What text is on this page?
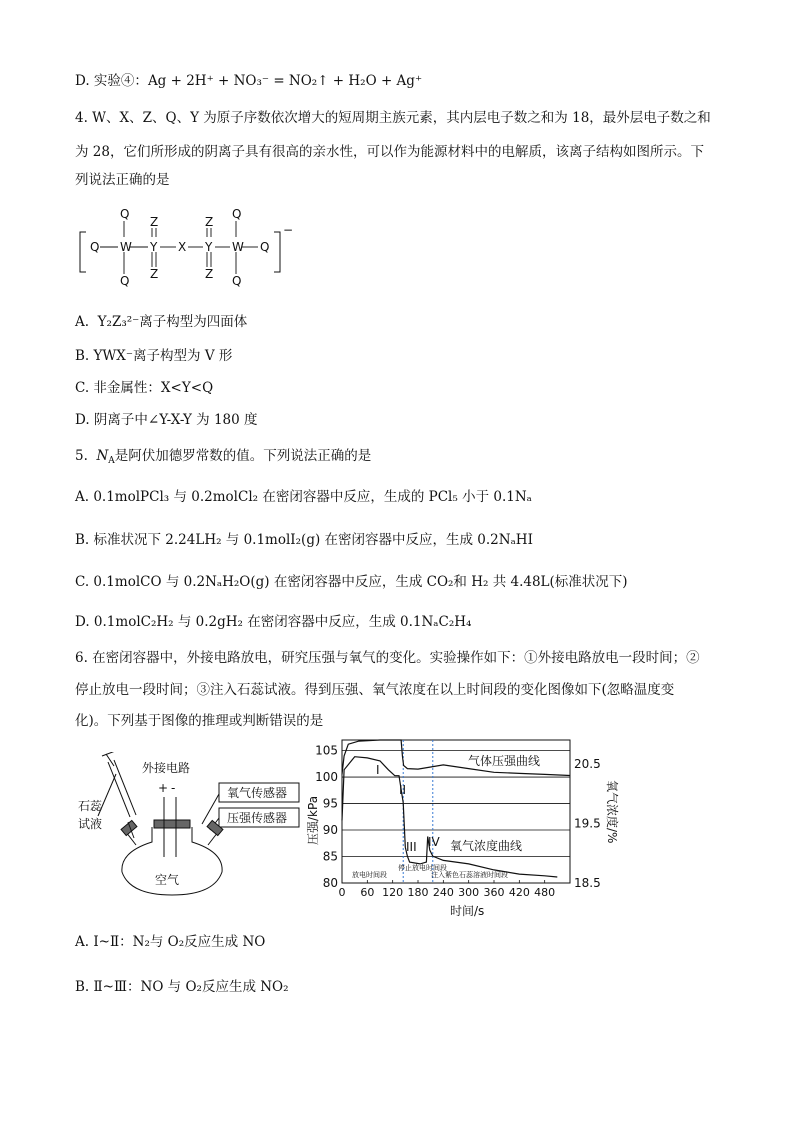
D. 实验④：Ag + 2H⁺ + NO₃⁻ = NO₂↑ + H₂O + Ag⁺
4. W、X、Z、Q、Y 为原子序数依次增大的短周期主族元素，其内层电子数之和为 18，最外层电子数之和
为 28，它们所形成的阴离子具有很高的亲水性，可以作为能源材料中的电解质，该离子结构如图所示。下
列说法正确的是
−
Q W Y X Y W Q
Q
Q
Q
Q
Z
Z
Z
Z
A. Y₂Z₃²⁻离子构型为四面体
B. YWX⁻离子构型为 V 形
C. 非金属性：X<Y<Q
D. 阴离子中∠Y-X-Y 为 180 度
5. $N_A$是阿伏加德罗常数的值。下列说法正确的是
A. 0.1molPCl₃ 与 0.2molCl₂ 在密闭容器中反应，生成的 PCl₅ 小于 0.1Nₐ
B. 标准状况下 2.24LH₂ 与 0.1molI₂(g) 在密闭容器中反应，生成 0.2NₐHI
C. 0.1molCO 与 0.2NₐH₂O(g) 在密闭容器中反应，生成 CO₂和 H₂ 共 4.48L(标准状况下)
D. 0.1molC₂H₂ 与 0.2gH₂ 在密闭容器中反应，生成 0.1NₐC₂H₄
6. 在密闭容器中，外接电路放电，研究压强与氧气的变化。实验操作如下：①外接电路放电一段时间；②
停止放电一段时间；③注入石蕊试液。得到压强、氧气浓度在以上时间段的变化图像如下(忽略温度变
化)。下列基于图像的推理或判断错误的是
外接电路
+ -
石蕊
试液
氧气传感器
压强传感器
空气	80
85
90
95
100
105
18.5
19.5
20.5
0 60 120 180 240 300 360 420 480
压强/kPa	氧气浓度/%
时间/s
I
II
III IV
气体压强曲线
氧气浓度曲线
放电时间段
停止放电时间段
注入紫色石蕊溶液时间段
A. Ⅰ~Ⅱ：N₂与 O₂反应生成 NO
B. Ⅱ~Ⅲ：NO 与 O₂反应生成 NO₂
